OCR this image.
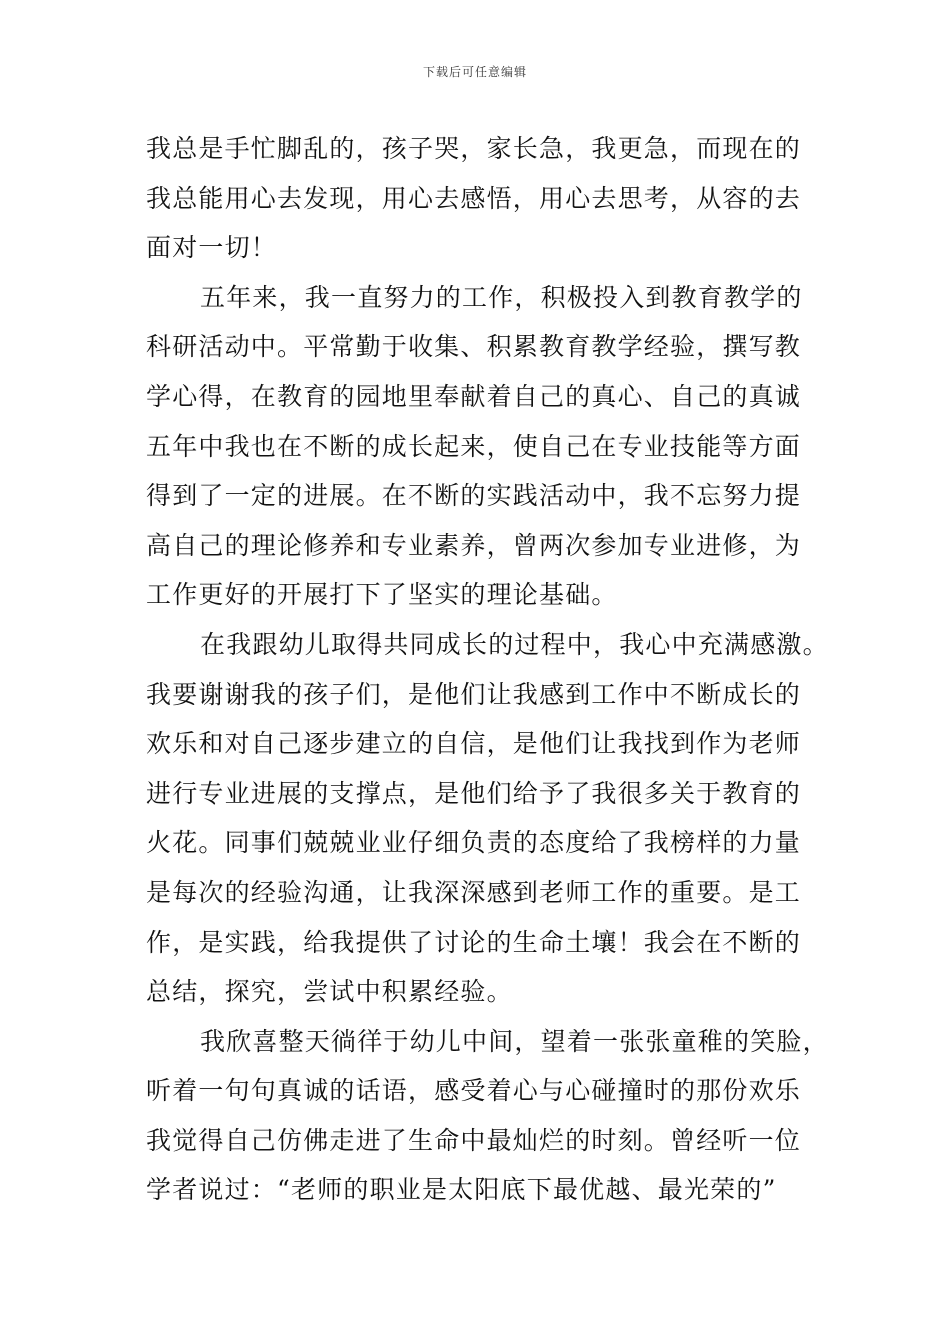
下载后可任意编辑
我总是手忙脚乱的，孩子哭，家长急，我更急，而现在的
我总能用心去发现，用心去感悟，用心去思考，从容的去
面对一切！
五年来，我一直努力的工作，积极投入到教育教学的
科研活动中。平常勤于收集、积累教育教学经验，撰写教
学心得，在教育的园地里奉献着自己的真心、自己的真诚
五年中我也在不断的成长起来，使自己在专业技能等方面
得到了一定的进展。在不断的实践活动中，我不忘努力提
高自己的理论修养和专业素养，曾两次参加专业进修，为
工作更好的开展打下了坚实的理论基础。
在我跟幼儿取得共同成长的过程中，我心中充满感激。
我要谢谢我的孩子们，是他们让我感到工作中不断成长的
欢乐和对自己逐步建立的自信，是他们让我找到作为老师
进行专业进展的支撑点，是他们给予了我很多关于教育的
火花。同事们兢兢业业仔细负责的态度给了我榜样的力量
是每次的经验沟通，让我深深感到老师工作的重要。是工
作，是实践，给我提供了讨论的生命土壤！我会在不断的
总结，探究，尝试中积累经验。
我欣喜整天徜徉于幼儿中间，望着一张张童稚的笑脸，
听着一句句真诚的话语，感受着心与心碰撞时的那份欢乐
我觉得自己仿佛走进了生命中最灿烂的时刻。曾经听一位
学者说过：“老师的职业是太阳底下最优越、最光荣的”
